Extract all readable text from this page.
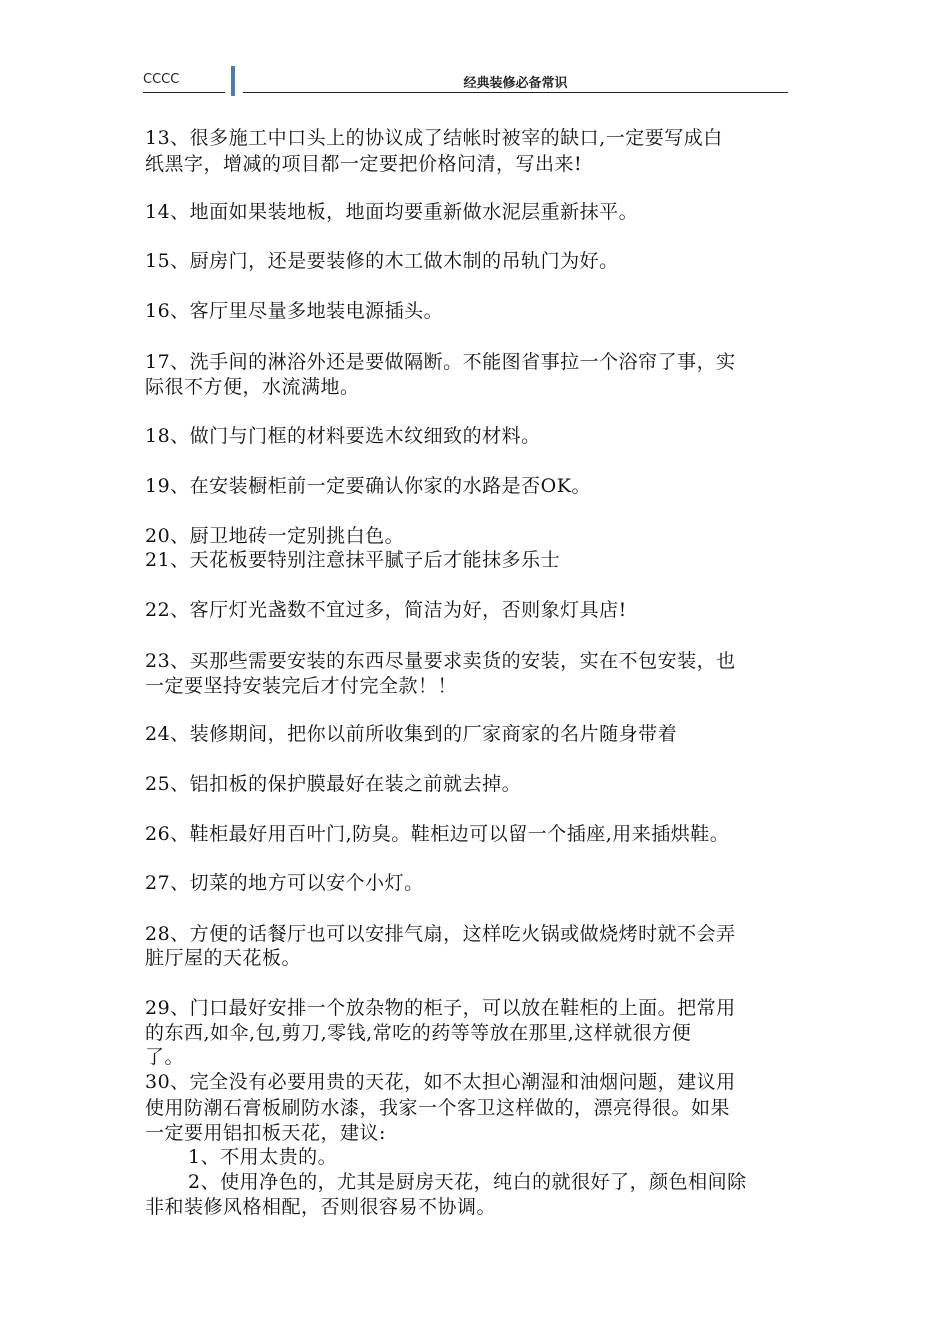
CCCC	经典装修必备常识
13、很多施工中口头上的协议成了结帐时被宰的缺口,一定要写成白
纸黑字，增减的项目都一定要把价格问清，写出来!
14、地面如果装地板，地面均要重新做水泥层重新抹平。
15、厨房门，还是要装修的木工做木制的吊轨门为好。
16、客厅里尽量多地装电源插头。
17、洗手间的淋浴外还是要做隔断。不能图省事拉一个浴帘了事，实
际很不方便，水流满地。
18、做门与门框的材料要选木纹细致的材料。
19、在安装橱柜前一定要确认你家的水路是否OK。
20、厨卫地砖一定别挑白色。
21、天花板要特别注意抹平腻子后才能抹多乐士
22、客厅灯光盏数不宜过多，简洁为好，否则象灯具店!
23、买那些需要安装的东西尽量要求卖货的安装，实在不包安装，也
一定要坚持安装完后才付完全款！！
24、装修期间，把你以前所收集到的厂家商家的名片随身带着
25、铝扣板的保护膜最好在装之前就去掉。
26、鞋柜最好用百叶门,防臭。鞋柜边可以留一个插座,用来插烘鞋。
27、切菜的地方可以安个小灯。
28、方便的话餐厅也可以安排气扇，这样吃火锅或做烧烤时就不会弄
脏厅屋的天花板。
29、门口最好安排一个放杂物的柜子，可以放在鞋柜的上面。把常用
的东西,如伞,包,剪刀,零钱,常吃的药等等放在那里,这样就很方便
了。
30、完全没有必要用贵的天花，如不太担心潮湿和油烟问题，建议用
使用防潮石膏板刷防水漆，我家一个客卫这样做的，漂亮得很。如果
一定要用铝扣板天花，建议:
1、不用太贵的。
2、使用净色的，尤其是厨房天花，纯白的就很好了，颜色相间除
非和装修风格相配，否则很容易不协调。
